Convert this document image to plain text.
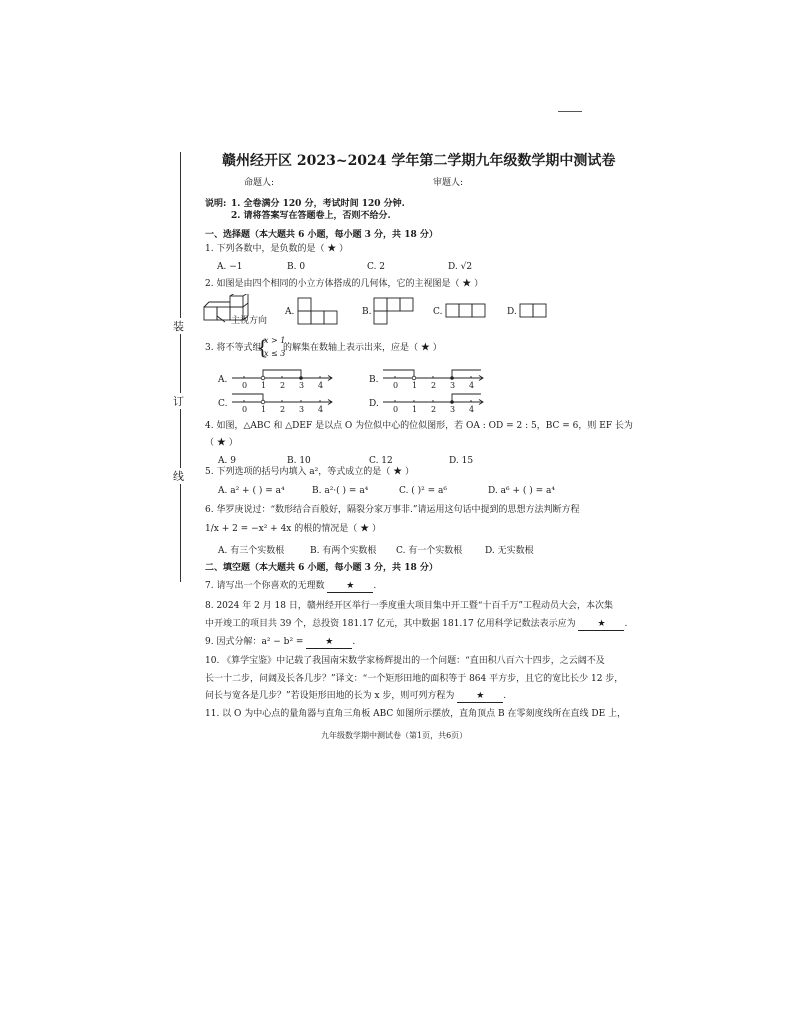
装
订
线
赣州经开区 2023~2024 学年第二学期九年级数学期中测试卷
命题人:	审题人:
说明: 1. 全卷满分 120 分，考试时间 120 分钟.
2. 请将答案写在答题卷上，否则不给分.
一、选择题（本大题共 6 小题，每小题 3 分，共 18 分）
1. 下列各数中，是负数的是（ ★ ）
A. −1	B. 0	C. 2	D. √2
2. 如图是由四个相同的小立方体搭成的几何体，它的主视图是（ ★ ）
主视方向
A.	B.	C.	D.
3. 将不等式组
{
x > 1
x ≤ 3
的解集在数轴上表示出来，应是（ ★ ）
A.	B.
C.	D.
0 1 2 3 4	0 1 2 3 4
0 1 2 3 4	0 1 2 3 4
4. 如图，△ABC 和 △DEF 是以点 O 为位似中心的位似图形，若 OA : OD = 2 : 5，BC = 6，则 EF 长为
（ ★ ）
A. 9	B. 10	C. 12	D. 15
5. 下列选项的括号内填入 a²，等式成立的是（ ★ ）
A. a² + ( ) = a⁴	B. a²·( ) = a⁴	C. ( )² = a⁶	D. a⁶ + ( ) = a⁴
6. 华罗庚说过：“数形结合百般好，隔裂分家万事非.”请运用这句话中提到的思想方法判断方程
1/x + 2 = −x² + 4x 的根的情况是（ ★ ）
A. 有三个实数根	B. 有两个实数根 C. 有一个实数根	D. 无实数根
二、填空题（本大题共 6 小题，每小题 3 分，共 18 分）
7. 请写出一个你喜欢的无理数 ★ .
8. 2024 年 2 月 18 日，赣州经开区举行一季度重大项目集中开工暨“十百千万”工程动员大会，本次集
中开竣工的项目共 39 个，总投资 181.17 亿元，其中数据 181.17 亿用科学记数法表示应为 ★ .
9. 因式分解：a² − b² = ★ .
10. 《算学宝鉴》中记载了我国南宋数学家杨辉提出的一个问题：“直田积八百六十四步，之云阔不及
长一十二步，问阔及长各几步？”译文：“一个矩形田地的面积等于 864 平方步，且它的宽比长少 12 步，
问长与宽各是几步？”若设矩形田地的长为 x 步，则可列方程为 ★ .
11. 以 O 为中心点的量角器与直角三角板 ABC 如图所示摆放，直角顶点 B 在零刻度线所在直线 DE 上，
九年级数学期中测试卷（第1页，共6页）
